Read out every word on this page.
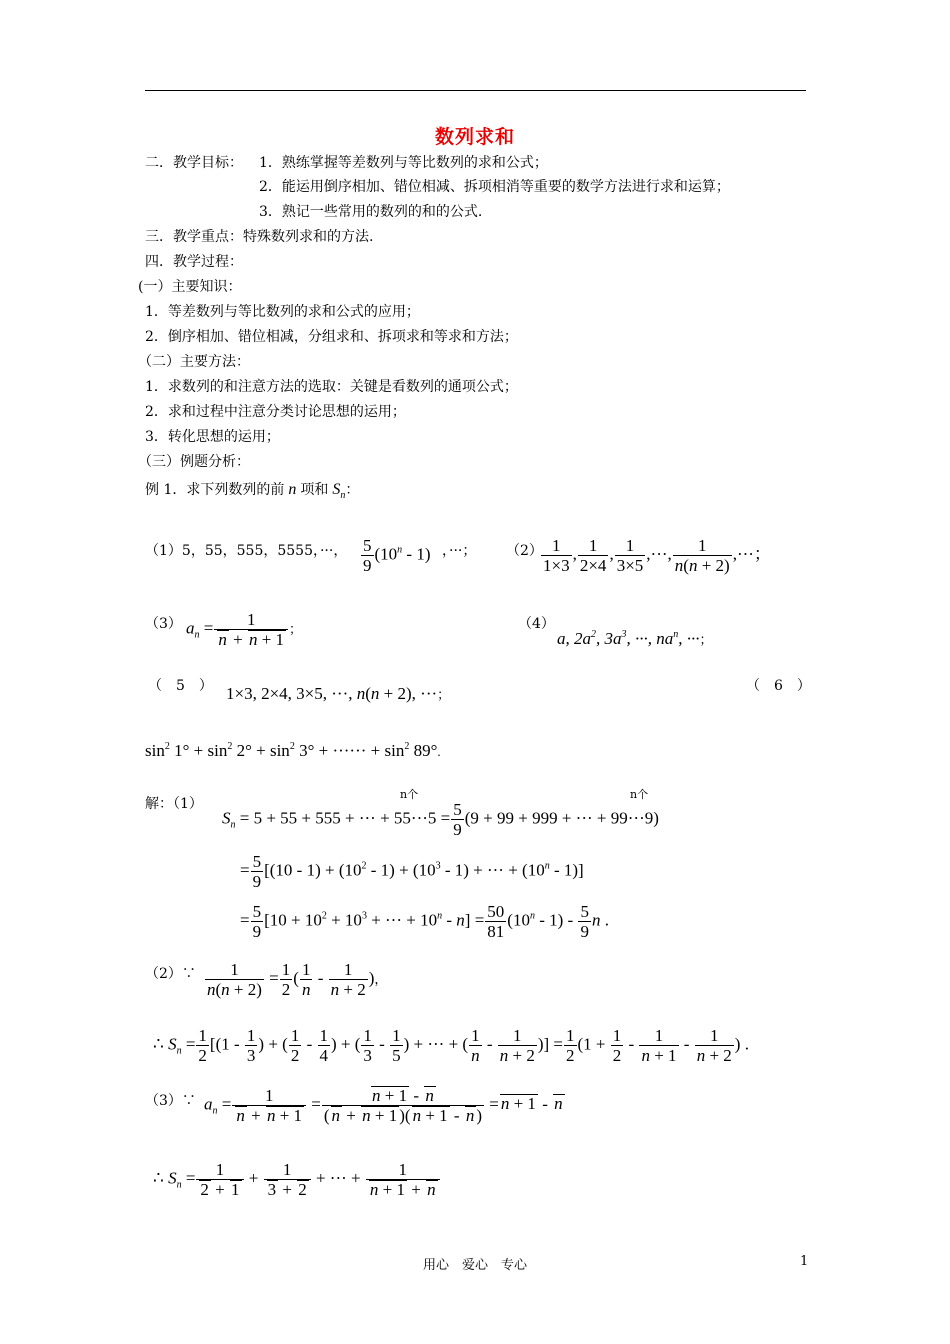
数列求和
二．教学目标： 1．熟练掌握等差数列与等比数列的求和公式；
2．能运用倒序相加、错位相减、拆项相消等重要的数学方法进行求和运算；
3．熟记一些常用的数列的和的公式.
三．教学重点：特殊数列求和的方法.
四．教学过程：
(一）主要知识：
1．等差数列与等比数列的求和公式的应用；
2．倒序相加、错位相减，分组求和、拆项求和等求和方法；
（二）主要方法：
1．求数列的和注意方法的选取：关键是看数列的通项公式；
2．求和过程中注意分类讨论思想的运用；
3．转化思想的运用；
（三）例题分析：
例 1．求下列数列的前 n 项和 $S_n$：
（1）5，55，555，5555，···， $\frac{5}{9} (10^n - 1)$ ，···； （2）
$\frac{1}{1\times 3}$ , $\frac{1}{2\times 4}$ , $\frac{1}{3\times 5}$ ,···, $\frac{1}{n(n + 2)}$ ,···；
（3） $a_n = \frac{1}{n + n + 1}$ ；	（4）
a, $2a^2$, $3a^3$, ···, $na^n$, ···；
（　5　） 1×3, 2×4, 3×5, ···, n(n + 2), ···；
（　6　）
$\sin^2 1^\circ + \sin^2 2^\circ + \sin^2 3^\circ$ + ······ + $\sin^2 89^\circ$.
解：（1）
n个	n个
$S_n = 5 + 55 + 555$ + ··· + $55\cdot\cdot\cdot 5 = \frac{5}{9} (9 + 99 + 999$ + ··· + 99···9)
= $\frac{5}{9} [(10 - 1) + (10^2 - 1) + (10^3 - 1)$ + ··· + $(10^n - 1)$]
= $\frac{5}{9} [10 + 10^2 + 10^3$ + ··· + $10^n - n] = \frac{50}{81} (10^n - 1) - \frac{5}{9}$ n .
（2）∵ $\frac{1}{n(n + 2)} = \frac{1}{2}$ ( $\frac{1}{n} - \frac{1}{n + 2}$ )，
∴ $S_n = \frac{1}{2} [(1 - \frac{1}{3}$ ) + ( $\frac{1}{2} - \frac{1}{4}$ ) + ( $\frac{1}{3} - \frac{1}{5}$ ) + ··· + ( $\frac{1}{n} - \frac{1}{n + 2}$ )] = $\frac{1}{2} (1 + \frac{1}{2} - \frac{1}{n + 1} - \frac{1}{n + 2}$ ) .
（3）∵ $a_n = \frac{1}{n + n + 1} = \frac{n + 1 - n}{( n + n + 1 )( n + 1 - n )} = n + 1 - n$
∴ $S_n = \frac{1}{2 + 1} + \frac{1}{3 + 2}$ + ··· + $\frac{1}{n + 1 + n}$
用心　爱心　专心	1
